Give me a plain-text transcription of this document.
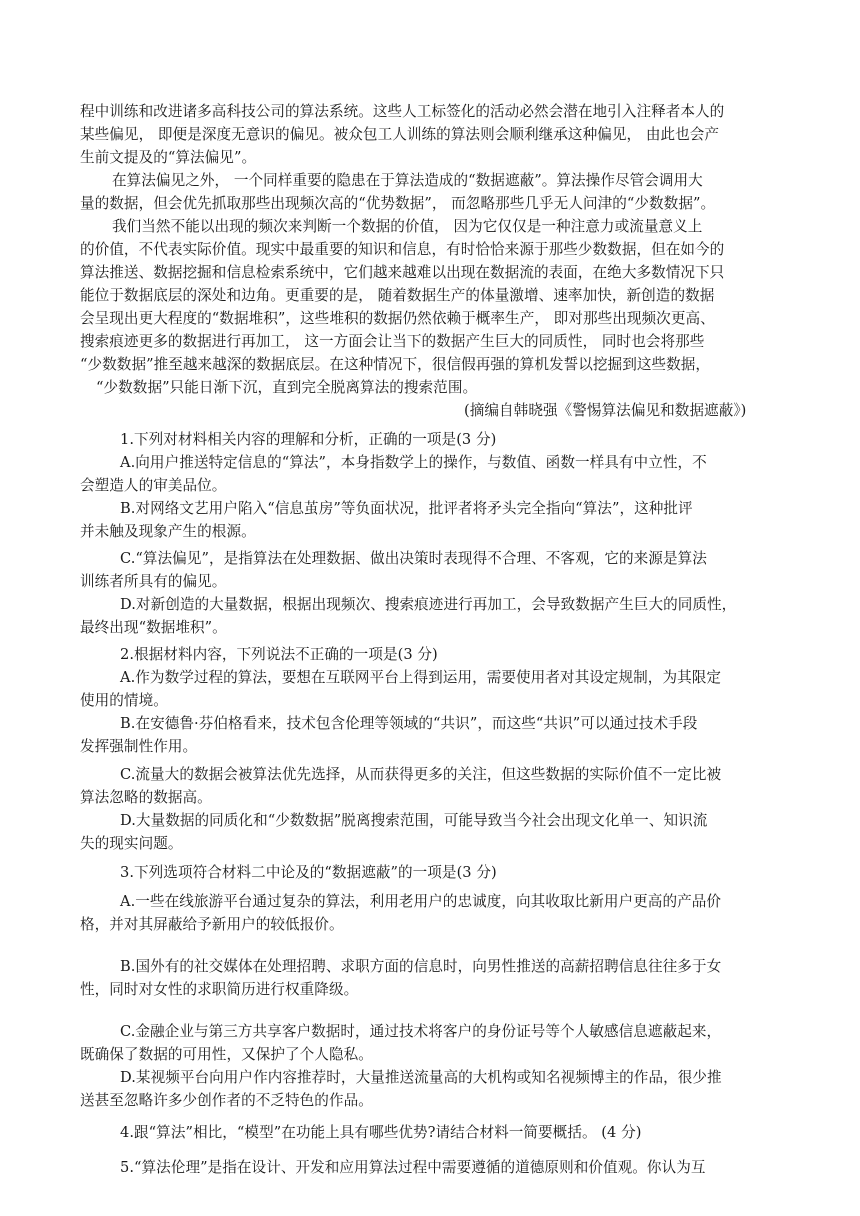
程中训练和改进诸多高科技公司的算法系统。这些人工标签化的活动必然会潜在地引入注释者本人的
某些偏见， 即便是深度无意识的偏见。被众包工人训练的算法则会顺利继承这种偏见， 由此也会产
生前文提及的“算法偏见”。
在算法偏见之外， 一个同样重要的隐患在于算法造成的“数据遮蔽”。算法操作尽管会调用大
量的数据，但会优先抓取那些出现频次高的“优势数据”， 而忽略那些几乎无人问津的“少数数据”。
我们当然不能以出现的频次来判断一个数据的价值， 因为它仅仅是一种注意力或流量意义上
的价值，不代表实际价值。现实中最重要的知识和信息，有时恰恰来源于那些少数数据，但在如今的
算法推送、数据挖掘和信息检索系统中，它们越来越难以出现在数据流的表面，在绝大多数情况下只
能位于数据底层的深处和边角。更重要的是， 随着数据生产的体量激增、速率加快，新创造的数据
会呈现出更大程度的“数据堆积”，这些堆积的数据仍然依赖于概率生产， 即对那些出现频次更高、
搜索痕迹更多的数据进行再加工， 这一方面会让当下的数据产生巨大的同质性， 同时也会将那些
“少数数据”推至越来越深的数据底层。在这种情况下，很信假再强的算机发誓以挖掘到这些数据，
“少数数据”只能日渐下沉，直到完全脱离算法的搜索范围。
(摘编自韩晓强《警惕算法偏见和数据遮蔽》)
1.下列对材料相关内容的理解和分析，正确的一项是(3 分)
A.向用户推送特定信息的“算法”，本身指数学上的操作，与数值、函数一样具有中立性，不
会塑造人的审美品位。
B.对网络文艺用户陷入“信息茧房”等负面状况，批评者将矛头完全指向“算法”，这种批评
并未触及现象产生的根源。
C.“算法偏见”，是指算法在处理数据、做出决策时表现得不合理、不客观，它的来源是算法
训练者所具有的偏见。
D.对新创造的大量数据，根据出现频次、搜索痕迹进行再加工，会导致数据产生巨大的同质性，
最终出现“数据堆积”。
2.根据材料内容，下列说法不正确的一项是(3 分)
A.作为数学过程的算法，要想在互联网平台上得到运用，需要使用者对其设定规制，为其限定
使用的情境。
B.在安德鲁·芬伯格看来，技术包含伦理等领域的“共识”，而这些“共识”可以通过技术手段
发挥强制性作用。
C.流量大的数据会被算法优先选择，从而获得更多的关注，但这些数据的实际价值不一定比被
算法忽略的数据高。
D.大量数据的同质化和“少数数据”脱离搜索范围，可能导致当今社会出现文化单一、知识流
失的现实问题。
3.下列选项符合材料二中论及的“数据遮蔽”的一项是(3 分)
A.一些在线旅游平台通过复杂的算法，利用老用户的忠诚度，向其收取比新用户更高的产品价
格，并对其屏蔽给予新用户的较低报价。
B.国外有的社交媒体在处理招聘、求职方面的信息时，向男性推送的高薪招聘信息往往多于女
性，同时对女性的求职简历进行权重降级。
C.金融企业与第三方共享客户数据时，通过技术将客户的身份证号等个人敏感信息遮蔽起来，
既确保了数据的可用性，又保护了个人隐私。
D.某视频平台向用户作内容推荐时，大量推送流量高的大机构或知名视频博主的作品，很少推
送甚至忽略许多少创作者的不乏特色的作品。
4.跟“算法”相比，“模型”在功能上具有哪些优势?请结合材料一简要概括。 (4 分)
5.“算法伦理”是指在设计、开发和应用算法过程中需要遵循的道德原则和价值观。你认为互
